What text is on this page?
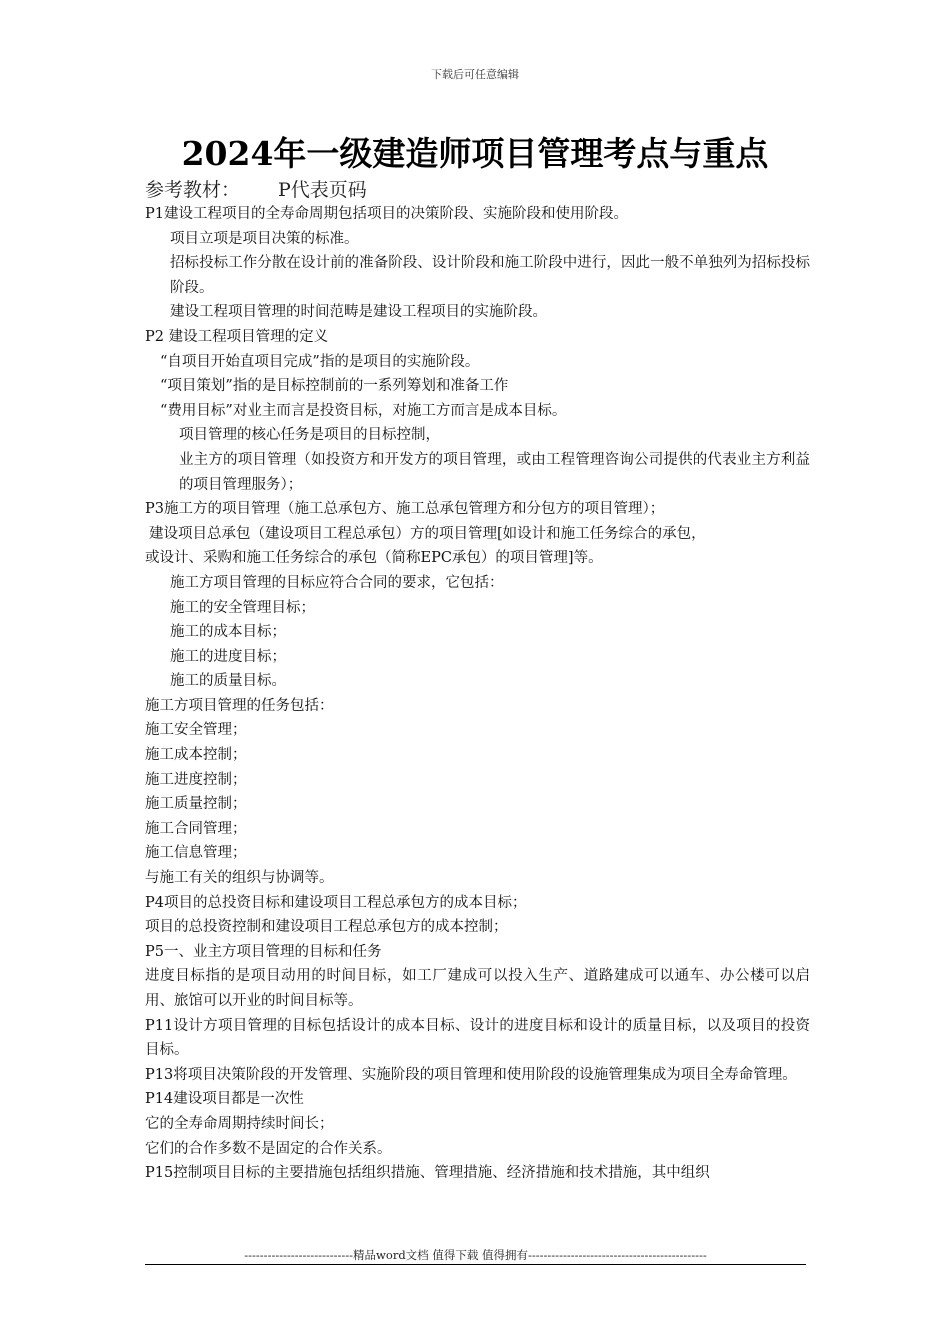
下载后可任意编辑
2024年一级建造师项目管理考点与重点
参考教材： P代表页码

P1建设工程项目的全寿命周期包括项目的决策阶段、实施阶段和使用阶段。

项目立项是项目决策的标准。

招标投标工作分散在设计前的准备阶段、设计阶段和施工阶段中进行，因此一般不单独列为招标投标阶段。

建设工程项目管理的时间范畴是建设工程项目的实施阶段。

P2 建设工程项目管理的定义

“自项目开始直项目完成”指的是项目的实施阶段。

“项目策划”指的是目标控制前的一系列筹划和准备工作

“费用目标”对业主而言是投资目标，对施工方而言是成本目标。

项目管理的核心任务是项目的目标控制，

业主方的项目管理（如投资方和开发方的项目管理，或由工程管理咨询公司提供的代表业主方利益的项目管理服务）；

P3施工方的项目管理（施工总承包方、施工总承包管理方和分包方的项目管理）；

建设项目总承包（建设项目工程总承包）方的项目管理[如设计和施工任务综合的承包，

或设计、采购和施工任务综合的承包（简称EPC承包）的项目管理]等。

施工方项目管理的目标应符合合同的要求，它包括：

施工的安全管理目标；

施工的成本目标；

施工的进度目标；

施工的质量目标。

施工方项目管理的任务包括：

施工安全管理；

施工成本控制；

施工进度控制；

施工质量控制；

施工合同管理；

施工信息管理；

与施工有关的组织与协调等。

P4项目的总投资目标和建设项目工程总承包方的成本目标；

项目的总投资控制和建设项目工程总承包方的成本控制；

P5一、业主方项目管理的目标和任务

进度目标指的是项目动用的时间目标，如工厂建成可以投入生产、道路建成可以通车、办公楼可以启用、旅馆可以开业的时间目标等。

P11设计方项目管理的目标包括设计的成本目标、设计的进度目标和设计的质量目标，以及项目的投资目标。

P13将项目决策阶段的开发管理、实施阶段的项目管理和使用阶段的设施管理集成为项目全寿命管理。

P14建设项目都是一次性

它的全寿命周期持续时间长；

它们的合作多数不是固定的合作关系。

P15控制项目目标的主要措施包括组织措施、管理措施、经济措施和技术措施，其中组织

----------------------------精品word文档 值得下载 值得拥有----------------------------------------------
